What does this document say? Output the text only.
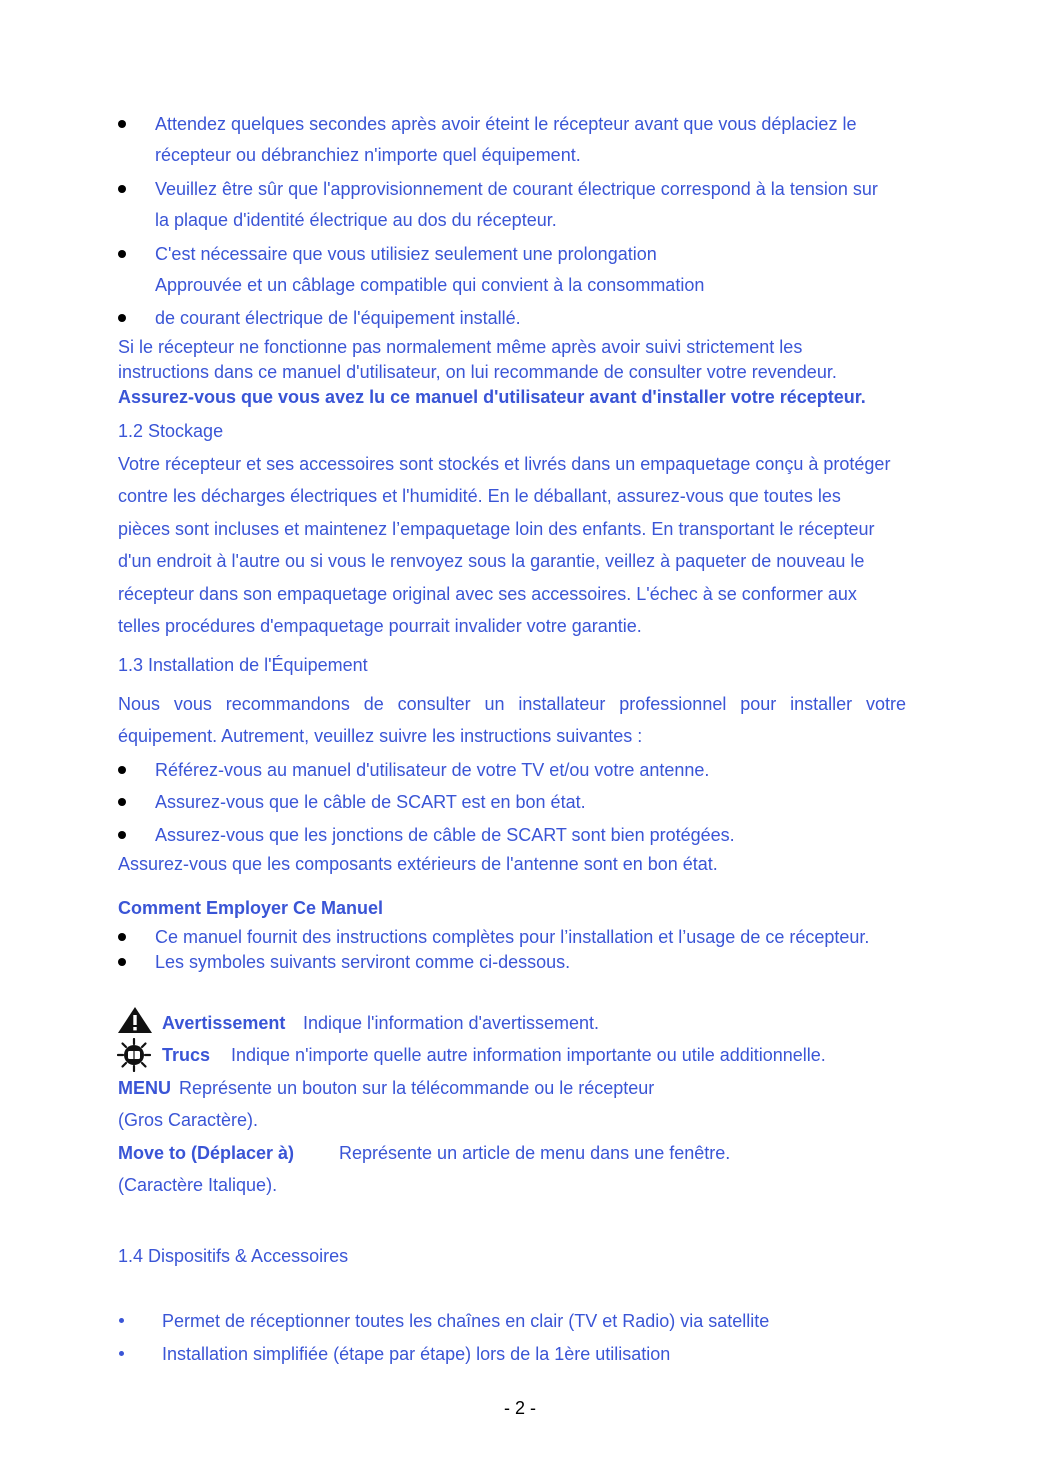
Attendez quelques secondes après avoir éteint le récepteur avant que vous déplaciez le
récepteur ou débranchiez n'importe quel équipement.
Veuillez être sûr que l'approvisionnement de courant électrique correspond à la tension sur
la plaque d'identité électrique au dos du récepteur.
C'est nécessaire que vous utilisiez seulement une prolongation
Approuvée et un câblage compatible qui convient à la consommation
de courant électrique de l'équipement installé.
Si le récepteur ne fonctionne pas normalement même après avoir suivi strictement les
instructions dans ce manuel d'utilisateur, on lui recommande de consulter votre revendeur.
Assurez-vous que vous avez lu ce manuel d'utilisateur avant d'installer votre récepteur.
1.2 Stockage
Votre récepteur et ses accessoires sont stockés et livrés dans un empaquetage conçu à protéger
contre les décharges électriques et l'humidité. En le déballant, assurez-vous que toutes les
pièces sont incluses et maintenez l’empaquetage loin des enfants. En transportant le récepteur
d'un endroit à l'autre ou si vous le renvoyez sous la garantie, veillez à paqueter de nouveau le
récepteur dans son empaquetage original avec ses accessoires. L'échec à se conformer aux
telles procédures d'empaquetage pourrait invalider votre garantie.
1.3 Installation de l'Équipement
Nous vous recommandons de consulter un installateur professionnel pour installer votre
équipement. Autrement, veuillez suivre les instructions suivantes :
Référez-vous au manuel d'utilisateur de votre TV et/ou votre antenne.
Assurez-vous que le câble de SCART est en bon état.
Assurez-vous que les jonctions de câble de SCART sont bien protégées.
Assurez-vous que les composants extérieurs de l'antenne sont en bon état.
Comment Employer Ce Manuel
Ce manuel fournit des instructions complètes pour l’installation et l’usage de ce récepteur.
Les symboles suivants serviront comme ci-dessous.
Avertissement Indique l'information d'avertissement.
Trucs Indique n'importe quelle autre information importante ou utile additionnelle.
MENU Représente un bouton sur la télécommande ou le récepteur
(Gros Caractère).
Move to (Déplacer à) Représente un article de menu dans une fenêtre.
(Caractère Italique).
1.4 Dispositifs & Accessoires
Permet de réceptionner toutes les chaînes en clair (TV et Radio) via satellite
Installation simplifiée (étape par étape) lors de la 1ère utilisation
- 2 -
